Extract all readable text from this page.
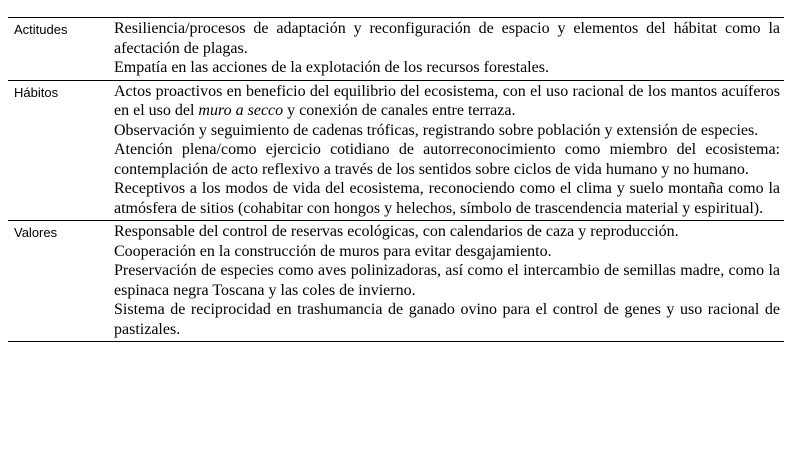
Actitudes	Resiliencia/procesos de adaptación y reconfiguración de espacio y elementos del hábitat como la afectación de plagas.

Empatía en las acciones de la explotación de los recursos forestales.

Hábitos	Actos proactivos en beneficio del equilibrio del ecosistema, con el uso racional de los mantos acuíferos en el uso del muro a secco y conexión de canales entre terraza.

Observación y seguimiento de cadenas tróficas, registrando sobre población y extensión de especies.

Atención plena/como ejercicio cotidiano de autorreconocimiento como miembro del ecosistema: contemplación de acto reflexivo a través de los sentidos sobre ciclos de vida humano y no humano.

Receptivos a los modos de vida del ecosistema, reconociendo como el clima y suelo montaña como la atmósfera de sitios (cohabitar con hongos y helechos, símbolo de trascendencia material y espiritual).

Valores	Responsable del control de reservas ecológicas, con calendarios de caza y reproducción.

Cooperación en la construcción de muros para evitar desgajamiento.

Preservación de especies como aves polinizadoras, así como el intercambio de semillas madre, como la espinaca negra Toscana y las coles de invierno.

Sistema de reciprocidad en trashumancia de ganado ovino para el control de genes y uso racional de pastizales.
